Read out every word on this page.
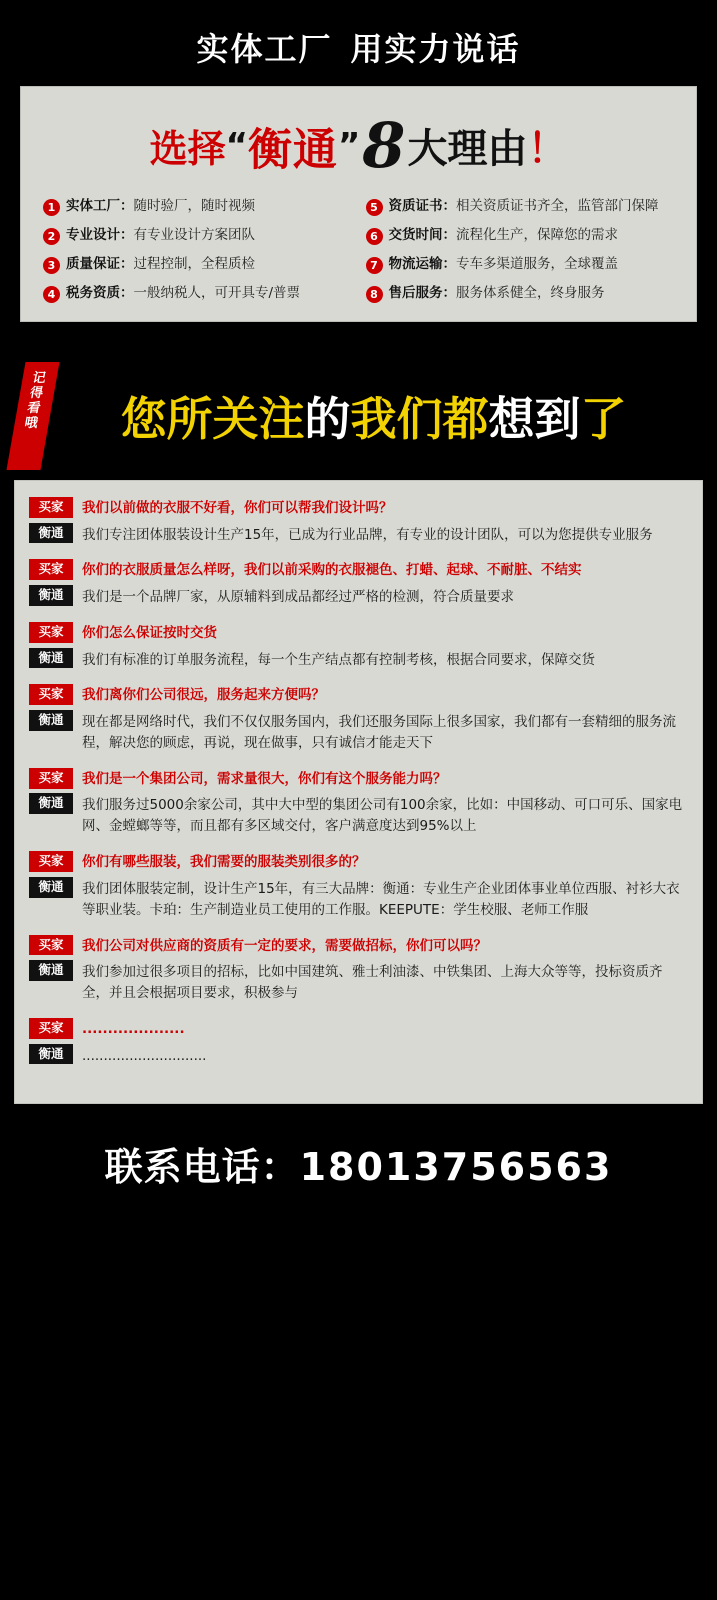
实体工厂 用实力说话
选择“衡通”8大理由！
1 实体工厂：随时验厂，随时视频	5 资质证书：相关资质证书齐全，监管部门保障
2 专业设计：有专业设计方案团队	6 交货时间：流程化生产，保障您的需求
3 质量保证：过程控制，全程质检	7 物流运输：专车多渠道服务，全球覆盖
4 税务资质：一般纳税人，可开具专/普票	8 售后服务：服务体系健全，终身服务
记
得
看
哦	您所关注的我们都想到了
买家	我们以前做的衣服不好看，你们可以帮我们设计吗？
衡通	我们专注团体服装设计生产15年，已成为行业品牌，有专业的设计团队，可以为您提供专业服务
买家	你们的衣服质量怎么样呀，我们以前采购的衣服褪色、打蜡、起球、不耐脏、不结实
衡通	我们是一个品牌厂家，从原辅料到成品都经过严格的检测，符合质量要求
买家	你们怎么保证按时交货
衡通	我们有标准的订单服务流程，每一个生产结点都有控制考核，根据合同要求，保障交货
买家	我们离你们公司很远，服务起来方便吗？
衡通	现在都是网络时代，我们不仅仅服务国内，我们还服务国际上很多国家，我们都有一套精细的服务流程，解决您的顾虑，再说，现在做事，只有诚信才能走天下
买家	我们是一个集团公司，需求量很大，你们有这个服务能力吗？
衡通	我们服务过5000余家公司，其中大中型的集团公司有100余家，比如：中国移动、可口可乐、国家电网、金螳螂等等，而且都有多区域交付，客户满意度达到95%以上
买家	你们有哪些服装，我们需要的服装类别很多的？
衡通	我们团体服装定制，设计生产15年，有三大品牌：衡通：专业生产企业团体事业单位西服、衬衫大衣等职业装。卡珀：生产制造业员工使用的工作服。KEEPUTE：学生校服、老师工作服
买家	我们公司对供应商的资质有一定的要求，需要做招标，你们可以吗？
衡通	我们参加过很多项目的招标，比如中国建筑、雅士利油漆、中铁集团、上海大众等等，投标资质齐全，并且会根据项目要求，积极参与
买家	....................
衡通	.............................
联系电话：18013756563
